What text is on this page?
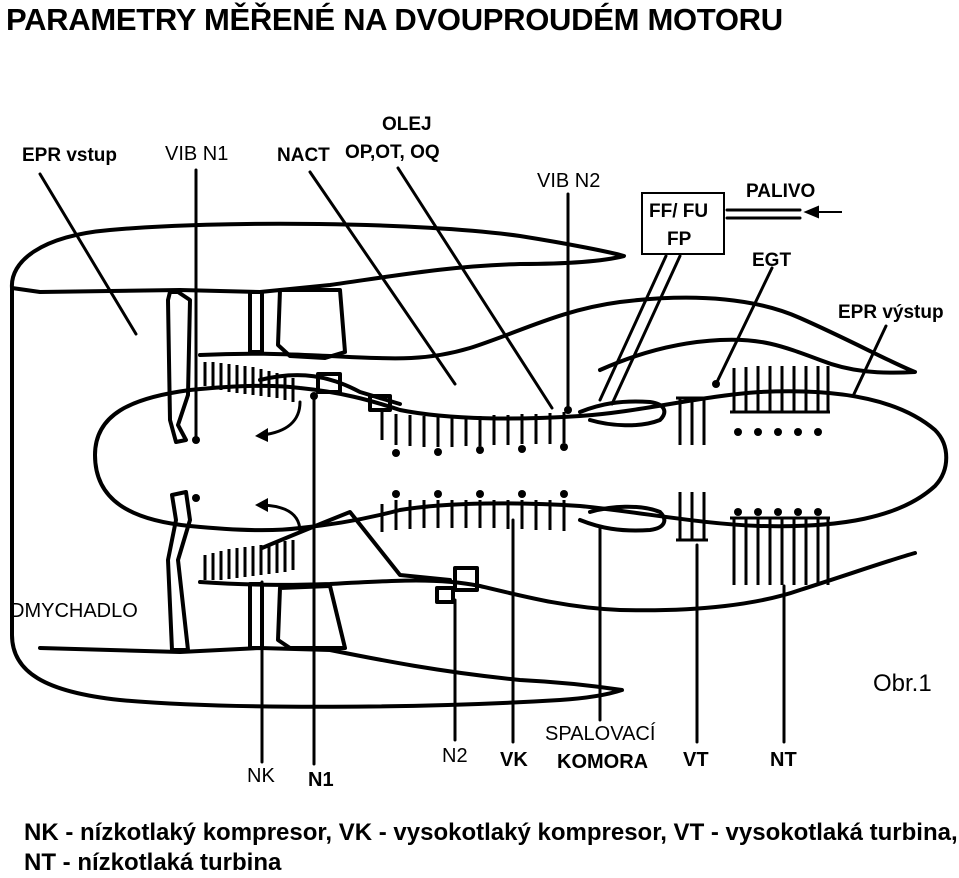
PARAMETRY MĚŘENÉ NA DVOUPROUDÉM MOTORU
EPR vstup VIB N1	NACT
OLEJ
OP,OT, OQ
VIB N2
FF/ FU
FP
PALIVO
EGT
EPR výstup
DMYCHADLO
Obr.1
SPALOVACÍ
KOMORA
NK N1
N2 VK	VT	NT
NK - nízkotlaký kompresor, VK - vysokotlaký kompresor, VT - vysokotlaká turbina,
NT - nízkotlaká turbina
